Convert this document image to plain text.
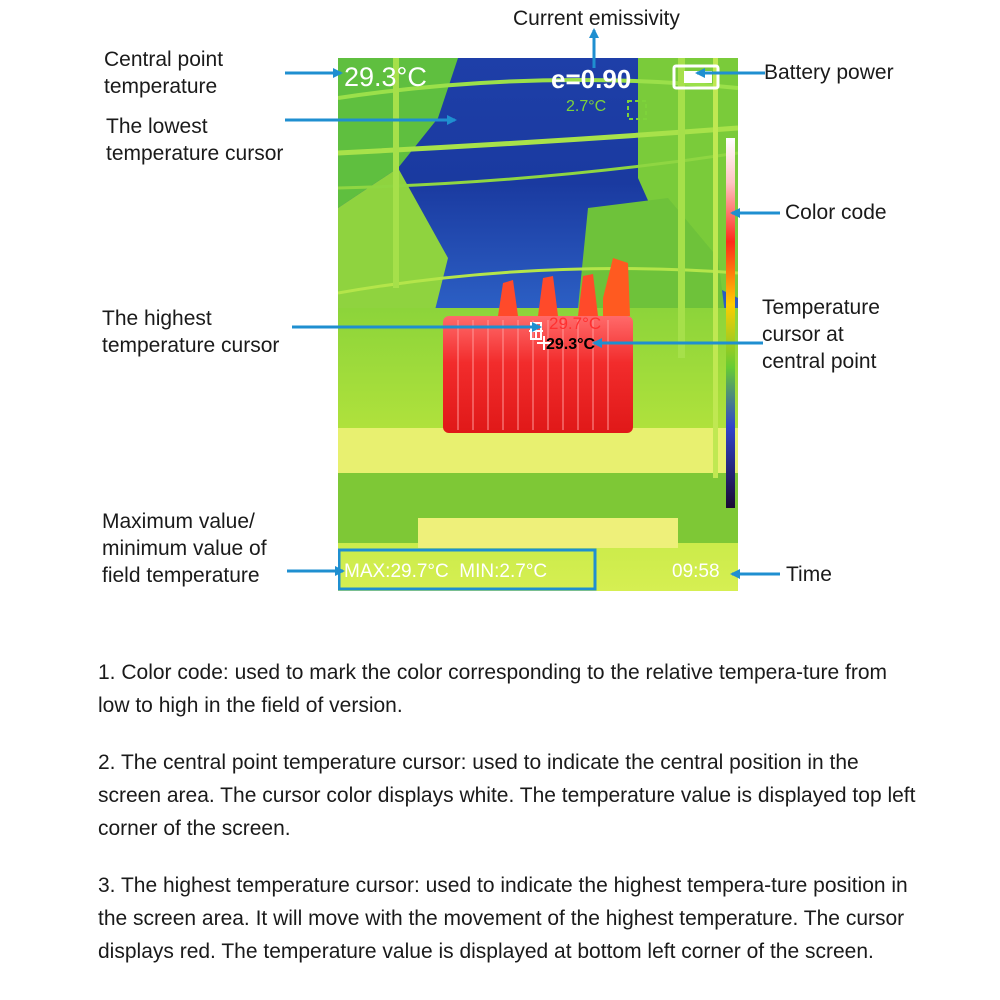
Current emissivity
Central point temperature
Battery power
The lowest temperature cursor
Color code
The highest temperature cursor
Temperature cursor at central point
Maximum value/ minimum value of field temperature	Time
29.3°C	e=0.90
2.7°C
29.7°C
29.3°C
MAX:29.7°C  MIN:2.7°C	09:58
1. Color code: used to mark the color corresponding to the relative tempera-ture from low to high in the field of version.
2. The central point temperature cursor: used to indicate the central position in the screen area. The cursor color displays white. The temperature value is displayed top left corner of the screen.
3. The highest temperature cursor: used to indicate the highest tempera-ture position in the screen area. It will move with the movement of the highest temperature. The cursor displays red. The temperature value is displayed at bottom left corner of the screen.
